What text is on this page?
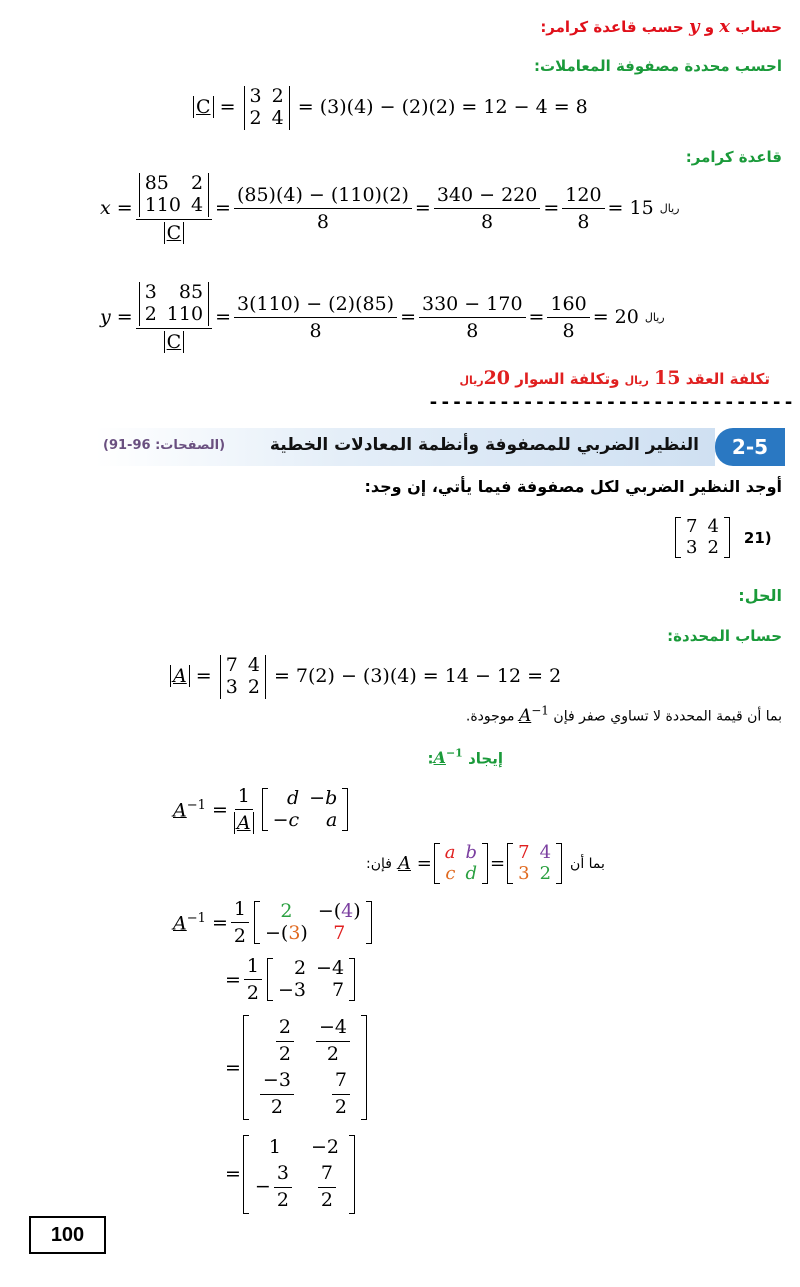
حساب x و y حسب قاعدة كرامر:
احسب محددة مصفوفة المعاملات:
C = 3	2
2	4 = (3)(4) − (2)(2) = 12 − 4 = 8
قاعدة كرامر:
x = 85	2
110	4
$C = \frac{(85)(4) - (110)(2)}{8} = \frac{340 - 220}{8} = \frac{120}{8} = 15$
ريال
y = 3	85
2	110
$C = \frac{3(110) - (2)(85)}{8} = \frac{330 - 170}{8} = \frac{160}{8} = 20$
ريال
تكلفة العقد 15 ريال وتكلفة السوار 20ريال
-------------------------------
2-5
النظير الضربي للمصفوفة وأنظمة المعادلات الخطية
(الصفحات: 96-91)
أوجد النظير الضربي لكل مصفوفة فيما يأتي، إن وجد:
7	4
3	2 (21
الحل:
حساب المحددة:
A = 7	4
3	2 = 7(2) − (3)(4) = 14 − 12 = 2
بما أن قيمة المحددة لا تساوي صفر فإن $A^{-1}$ موجودة.
إيجاد $A^{-1}$:
$A^{-1} = \frac{1}{A}$ d	−b
−c	a
فإن: A =
a	b
c	d =
7	4
3	2 بما أن
$A^{-1} = \frac{1}{2} 2$	−(4)
−(3)	7
= $\frac{1}{2} 2$	−4
−3	7
=
$\frac{2}{2}$	$\frac{-4}{2}$

$\frac{-3}{2}$	$\frac{7}{2}$
=
1	−2
− $\frac{3}{2}$	$\frac{7}{2}$
100
